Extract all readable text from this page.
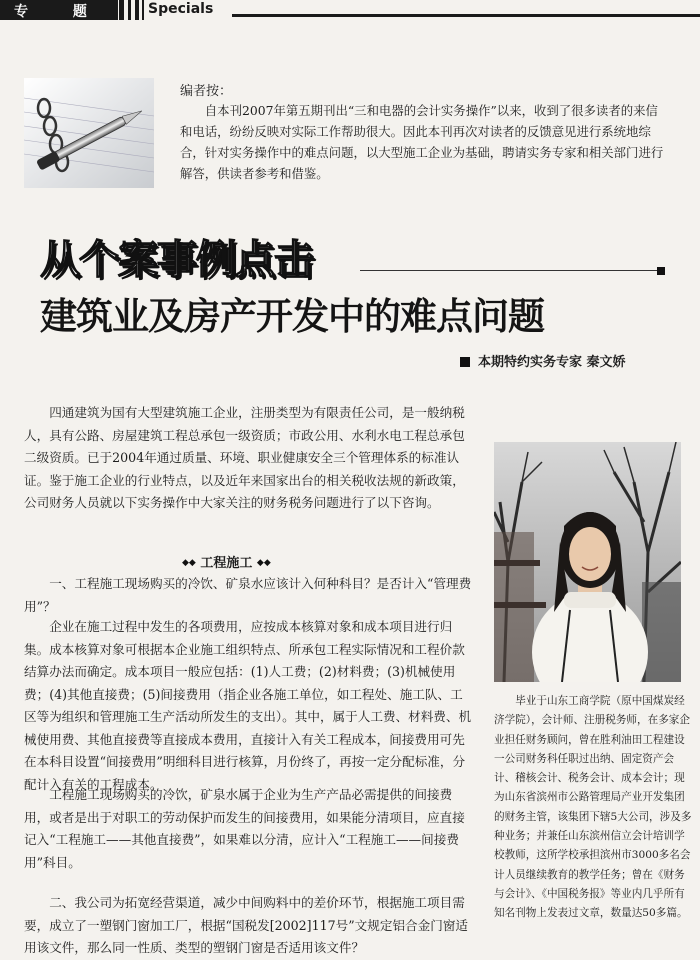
专 题	Specials
编者按：

自本刊2007年第五期刊出“三和电器的会计实务操作”以来，收到了很多读者的来信和电话，纷纷反映对实际工作帮助很大。因此本刊再次对读者的反馈意见进行系统地综合，针对实务操作中的难点问题，以大型施工企业为基础，聘请实务专家和相关部门进行解答，供读者参考和借鉴。

从个案事例点击
建筑业及房产开发中的难点问题
本期特约实务专家 秦文娇

四通建筑为国有大型建筑施工企业，注册类型为有限责任公司，是一般纳税人，具有公路、房屋建筑工程总承包一级资质；市政公用、水利水电工程总承包二级资质。已于2004年通过质量、环境、职业健康安全三个管理体系的标准认证。鉴于施工企业的行业特点，以及近年来国家出台的相关税收法规的新政策，公司财务人员就以下实务操作中大家关注的财务税务问题进行了以下咨询。

◆◆ 工程施工 ◆◆

一、工程施工现场购买的冷饮、矿泉水应该计入何种科目？是否计入“管理费用”？

企业在施工过程中发生的各项费用，应按成本核算对象和成本项目进行归集。成本核算对象可根据本企业施工组织特点、所承包工程实际情况和工程价款结算办法而确定。成本项目一般应包括：(1)人工费；(2)材料费；(3)机械使用费；(4)其他直接费；(5)间接费用（指企业各施工单位，如工程处、施工队、工区等为组织和管理施工生产活动所发生的支出）。其中，属于人工费、材料费、机械使用费、其他直接费等直接成本费用，直接计入有关工程成本，间接费用可先在本科目设置“间接费用”明细科目进行核算，月份终了，再按一定分配标准，分配计入有关的工程成本。

工程施工现场购买的冷饮，矿泉水属于企业为生产产品必需提供的间接费用，或者是出于对职工的劳动保护而发生的间接费用，如果能分清项目，应直接记入“工程施工——其他直接费”，如果难以分清，应计入“工程施工——间接费用”科目。

二、我公司为拓宽经营渠道，减少中间购料中的差价环节，根据施工项目需要，成立了一塑钢门窗加工厂，根据“国税发[2002]117号”文规定铝合金门窗适用该文件，那么同一性质、类型的塑钢门窗是否适用该文件？

毕业于山东工商学院（原中国煤炭经济学院），会计师、注册税务师，在多家企业担任财务顾问，曾在胜利油田工程建设一公司财务科任职过出纳、固定资产会计、稽核会计、税务会计、成本会计；现为山东省滨州市公路管理局产业开发集团的财务主管，该集团下辖5大公司，涉及多种业务；并兼任山东滨州信立会计培训学校教师，这所学校承担滨州市3000多名会计人员继续教育的教学任务；曾在《财务与会计》、《中国税务报》等业内几乎所有知名刊物上发表过文章，数量达50多篇。
